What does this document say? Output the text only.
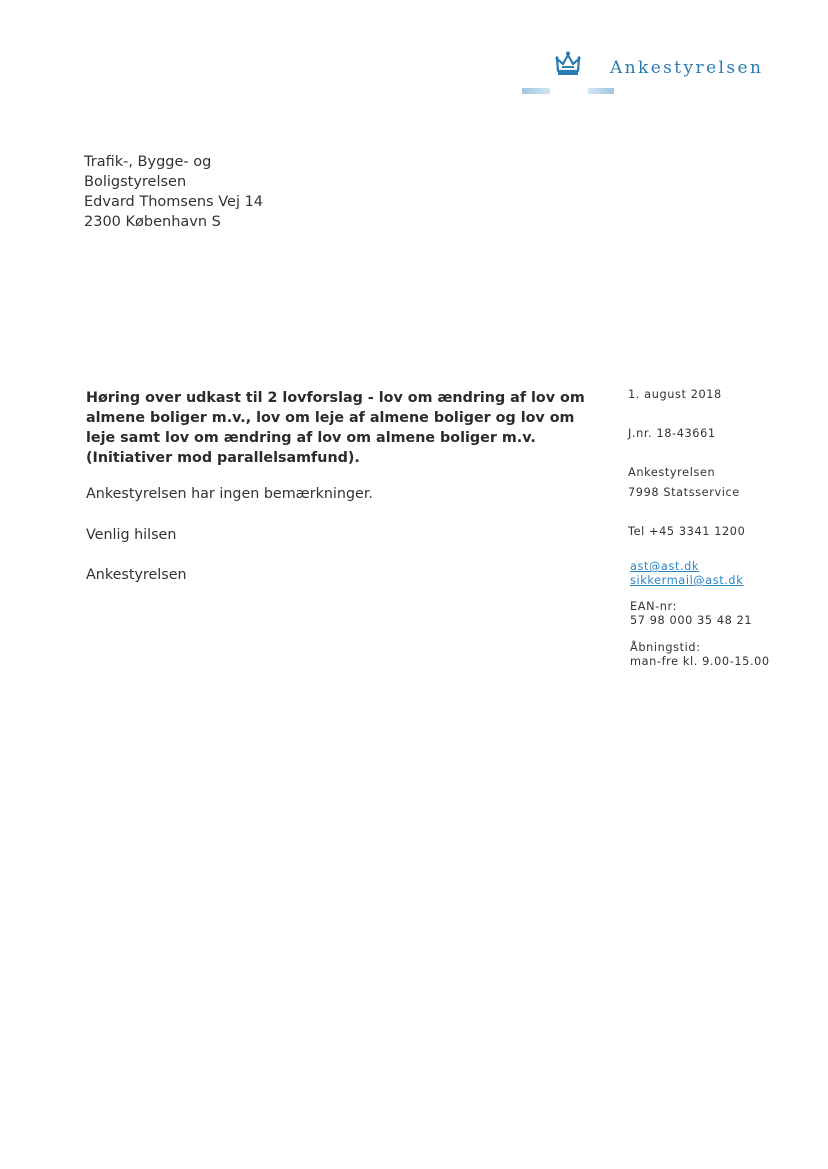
Ankestyrelsen
Trafik-, Bygge- og
Boligstyrelsen
Edvard Thomsens Vej 14
2300 København S
Høring over udkast til 2 lovforslag - lov om ændring af lov om almene boliger m.v., lov om leje af almene boliger og lov om leje samt lov om ændring af lov om almene boliger m.v. (Initiativer mod parallelsamfund).
Ankestyrelsen har ingen bemærkninger.
Venlig hilsen
Ankestyrelsen
1. august 2018
J.nr. 18-43661
Ankestyrelsen
7998 Statsservice
Tel +45 3341 1200
ast@ast.dk
sikkermail@ast.dk
EAN-nr:
57 98 000 35 48 21
Åbningstid:
man-fre kl. 9.00-15.00
